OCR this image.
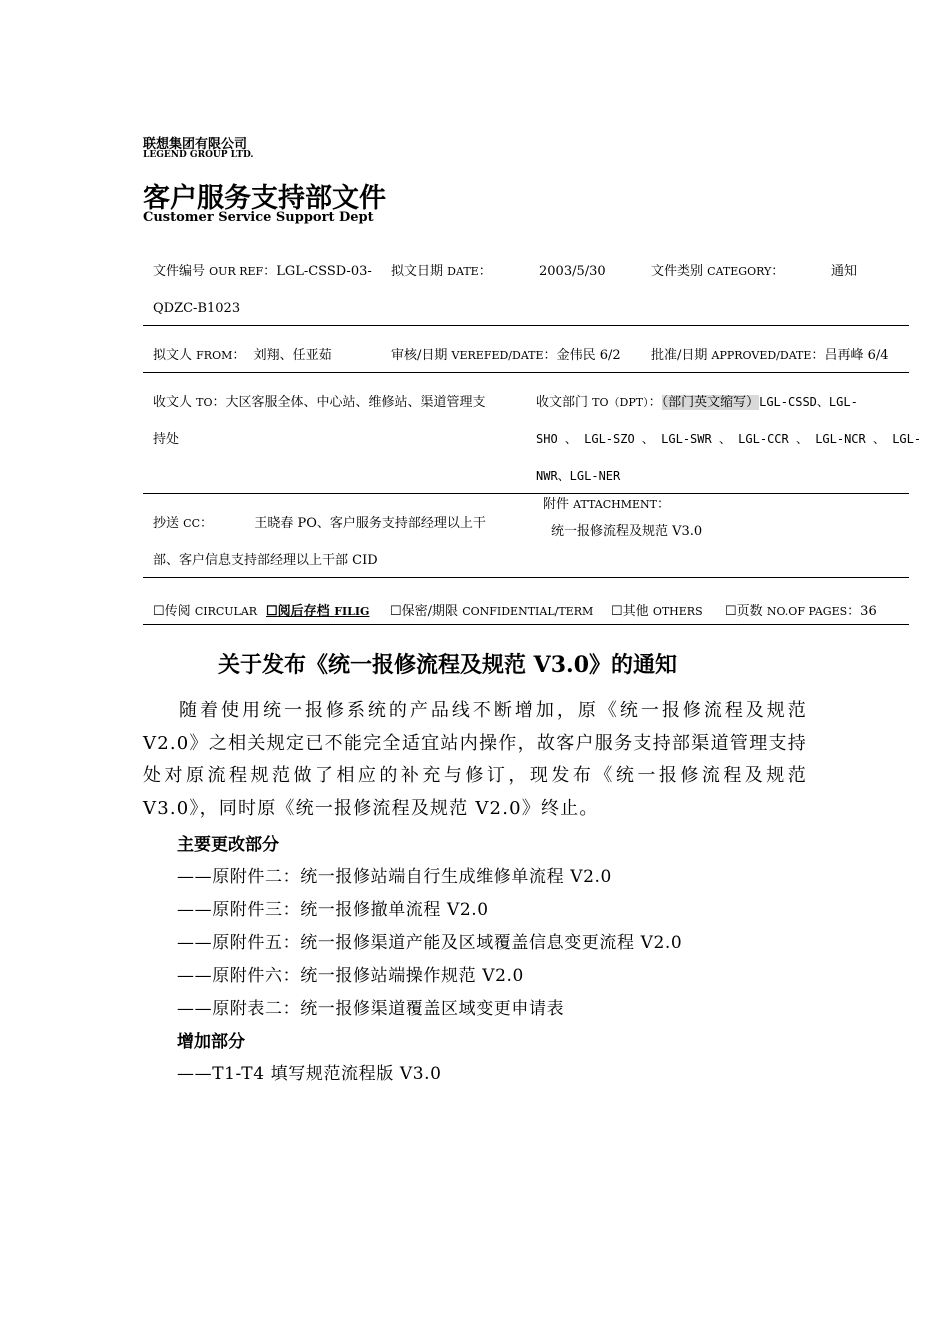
联想集团有限公司
LEGEND GROUP LTD.
客户服务支持部文件
Customer Service Support Dept
文件编号 OUR REF：LGL-CSSD-03- 拟文日期 DATE：	2003/5/30	文件类别 CATEGORY：	通知
QDZC-B1023
拟文人 FROM：  刘翔、任亚茹	审核/日期 VEREFED/DATE：金伟民 6/2 批准/日期 APPROVED/DATE：吕再峰 6/4
收文人 TO：大区客服全体、中心站、维修站、渠道管理支
持处
收文部门 TO（DPT）：（部门英文缩写）LGL-CSSD、LGL-
SHO 、 LGL-SZO 、 LGL-SWR 、 LGL-CCR 、 LGL-NCR 、 LGL-
NWR、LGL-NER
抄送 CC：          王晓春 PO、客户服务支持部经理以上干
部、客户信息支持部经理以上干部 CID
附件 ATTACHMENT：
统一报修流程及规范 V3.0
☐传阅 CIRCULAR ☐阅后存档 FILIG ☐保密/期限 CONFIDENTIAL/TERM ☐其他 OTHERS ☐页数 NO.OF PAGES：36
关于发布《统一报修流程及规范 V3.0》的通知
随着使用统一报修系统的产品线不断增加，原《统一报修流程及规范 V2.0》之相关规定已不能完全适宜站内操作，故客户服务支持部渠道管理支持处对原流程规范做了相应的补充与修订，现发布《统一报修流程及规范 V3.0》，同时原《统一报修流程及规范 V2.0》终止。
主要更改部分
——原附件二：统一报修站端自行生成维修单流程 V2.0
——原附件三：统一报修撤单流程 V2.0
——原附件五：统一报修渠道产能及区域覆盖信息变更流程 V2.0
——原附件六：统一报修站端操作规范 V2.0
——原附表二：统一报修渠道覆盖区域变更申请表
增加部分
——T1-T4 填写规范流程版 V3.0
